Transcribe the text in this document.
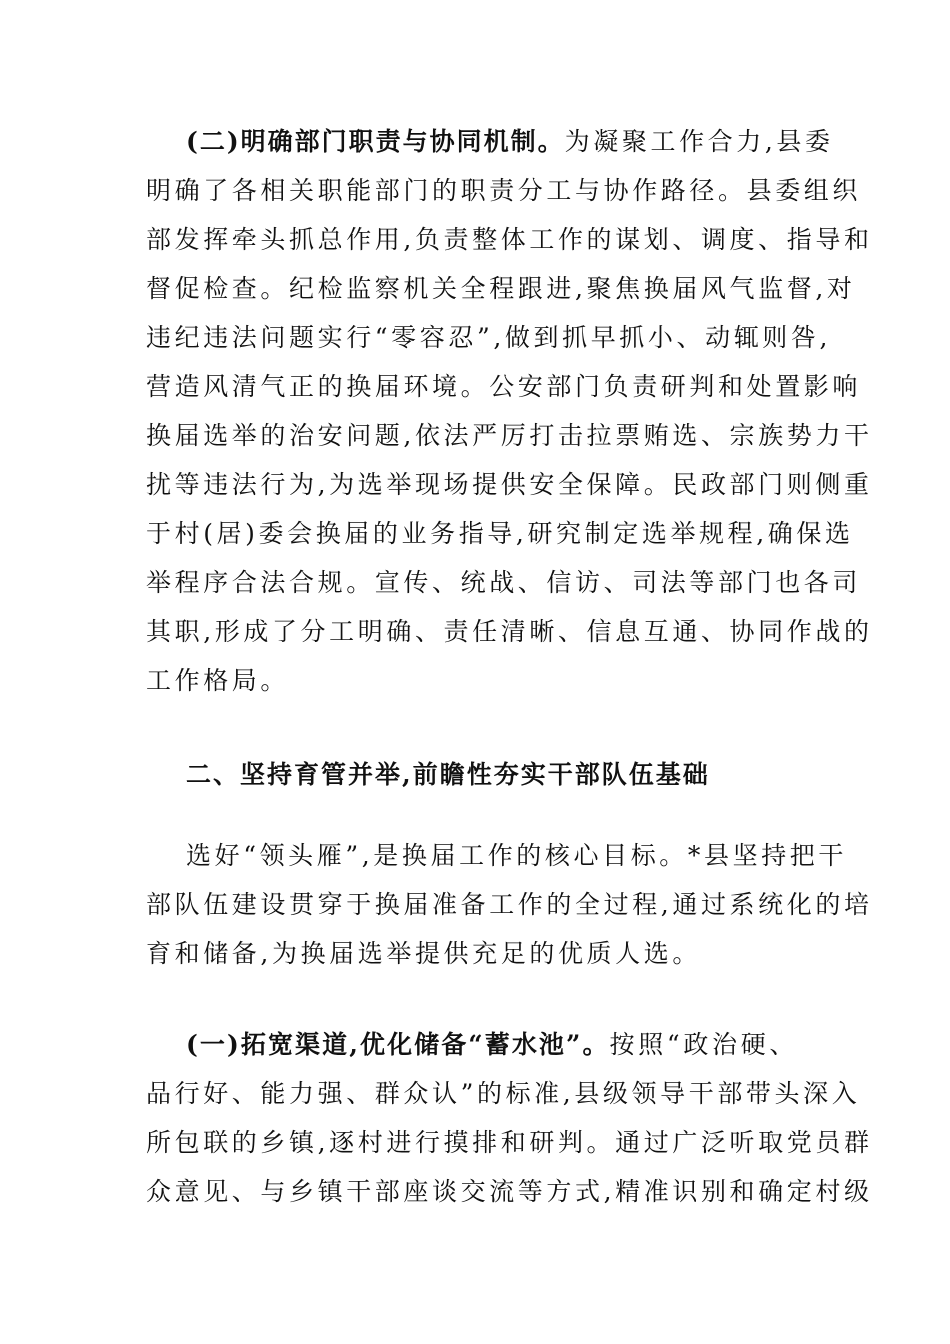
(二)明确部门职责与协同机制。为凝聚工作合力,县委
明确了各相关职能部门的职责分工与协作路径。县委组织
部发挥牵头抓总作用,负责整体工作的谋划、调度、指导和
督促检查。纪检监察机关全程跟进,聚焦换届风气监督,对
违纪违法问题实行“零容忍”,做到抓早抓小、动辄则咎,
营造风清气正的换届环境。公安部门负责研判和处置影响
换届选举的治安问题,依法严厉打击拉票贿选、宗族势力干
扰等违法行为,为选举现场提供安全保障。民政部门则侧重
于村(居)委会换届的业务指导,研究制定选举规程,确保选
举程序合法合规。宣传、统战、信访、司法等部门也各司
其职,形成了分工明确、责任清晰、信息互通、协同作战的
工作格局。
二、坚持育管并举,前瞻性夯实干部队伍基础
选好“领头雁”,是换届工作的核心目标。*县坚持把干
部队伍建设贯穿于换届准备工作的全过程,通过系统化的培
育和储备,为换届选举提供充足的优质人选。
(一)拓宽渠道,优化储备“蓄水池”。按照“政治硬、
品行好、能力强、群众认”的标准,县级领导干部带头深入
所包联的乡镇,逐村进行摸排和研判。通过广泛听取党员群
众意见、与乡镇干部座谈交流等方式,精准识别和确定村级
